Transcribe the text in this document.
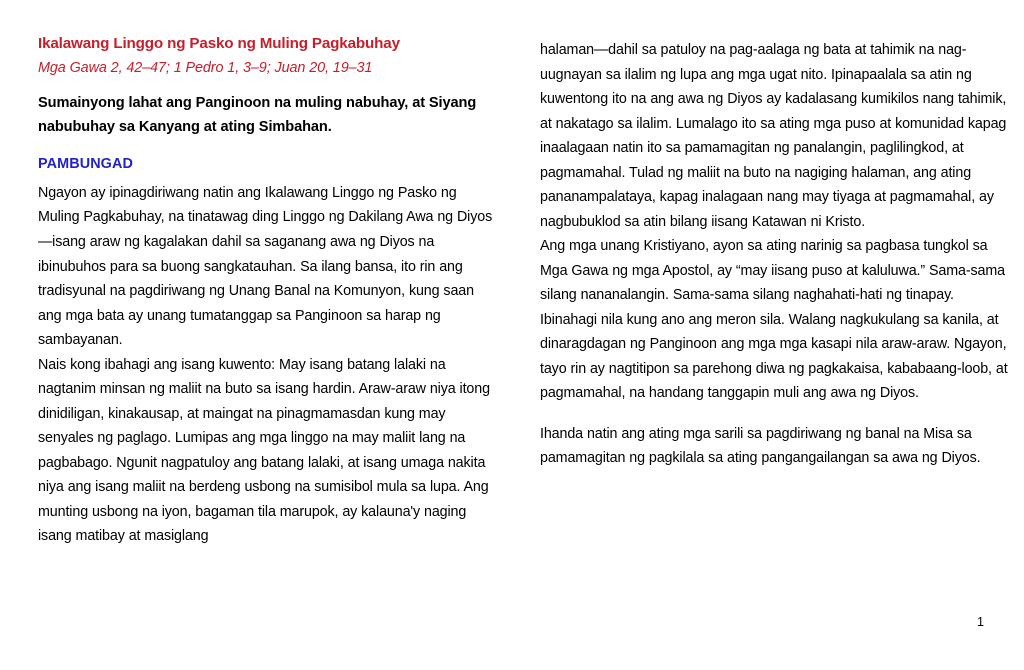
Ikalawang Linggo ng Pasko ng Muling Pagkabuhay
Mga Gawa 2, 42–47; 1 Pedro 1, 3–9; Juan 20, 19–31
Sumainyong lahat ang Panginoon na muling nabuhay, at Siyang nabubuhay sa Kanyang at ating Simbahan.
PAMBUNGAD

Ngayon ay ipinagdiriwang natin ang Ikalawang Linggo ng Pasko ng Muling Pagkabuhay, na tinatawag ding Linggo ng Dakilang Awa ng Diyos—isang araw ng kagalakan dahil sa saganang awa ng Diyos na ibinubuhos para sa buong sangkatauhan. Sa ilang bansa, ito rin ang tradisyunal na pagdiriwang ng Unang Banal na Komunyon, kung saan ang mga bata ay unang tumatanggap sa Panginoon sa harap ng sambayanan.

Nais kong ibahagi ang isang kuwento: May isang batang lalaki na nagtanim minsan ng maliit na buto sa isang hardin. Araw-araw niya itong dinidiligan, kinakausap, at maingat na pinagmamasdan kung may senyales ng paglago. Lumipas ang mga linggo na may maliit lang na pagbabago. Ngunit nagpatuloy ang batang lalaki, at isang umaga nakita niya ang isang maliit na berdeng usbong na sumisibol mula sa lupa. Ang munting usbong na iyon, bagaman tila marupok, ay kalauna'y naging isang matibay at masiglang

halaman—dahil sa patuloy na pag-aalaga ng bata at tahimik na nag-uugnayan sa ilalim ng lupa ang mga ugat nito. Ipinapaalala sa atin ng kuwentong ito na ang awa ng Diyos ay kadalasang kumikilos nang tahimik, at nakatago sa ilalim. Lumalago ito sa ating mga puso at komunidad kapag inaalagaan natin ito sa pamamagitan ng panalangin, paglilingkod, at pagmamahal. Tulad ng maliit na buto na nagiging halaman, ang ating pananampalataya, kapag inalagaan nang may tiyaga at pagmamahal, ay nagbubuklod sa atin bilang iisang Katawan ni Kristo.

Ang mga unang Kristiyano, ayon sa ating narinig sa pagbasa tungkol sa Mga Gawa ng mga Apostol, ay “may iisang puso at kaluluwa.” Sama-sama silang nananalangin. Sama-sama silang naghahati-hati ng tinapay. Ibinahagi nila kung ano ang meron sila. Walang nagkukulang sa kanila, at dinaragdagan ng Panginoon ang mga mga kasapi nila araw-araw. Ngayon, tayo rin ay nagtitipon sa parehong diwa ng pagkakaisa, kababaang-loob, at pagmamahal, na handang tanggapin muli ang awa ng Diyos.

Ihanda natin ang ating mga sarili sa pagdiriwang ng banal na Misa sa pamamagitan ng pagkilala sa ating pangangailangan sa awa ng Diyos.

1
